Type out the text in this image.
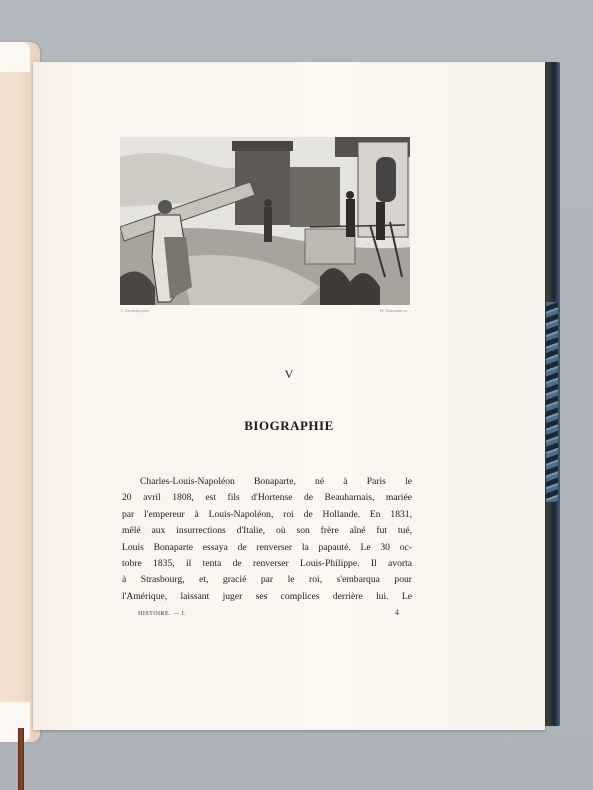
J. Girardet pinx.	H. Toussaint sc.
V
BIOGRAPHIE
Charles-Louis-Napoléon Bonaparte, né à Paris le
20 avril 1808, est fils d'Hortense de Beauharnais, mariée
par l'empereur à Louis-Napoléon, roi de Hollande. En 1831,
mêlé aux insurrections d'Italie, où son frère aîné fut tué,
Louis Bonaparte essaya de renverser la papauté. Le 30 oc-
tobre 1835, il tenta de renverser Louis-Philippe. Il avorta
à Strasbourg, et, gracié par le roi, s'embarqua pour
l'Amérique, laissant juger ses complices derrière lui. Le
HISTOIRE. — I.	4
